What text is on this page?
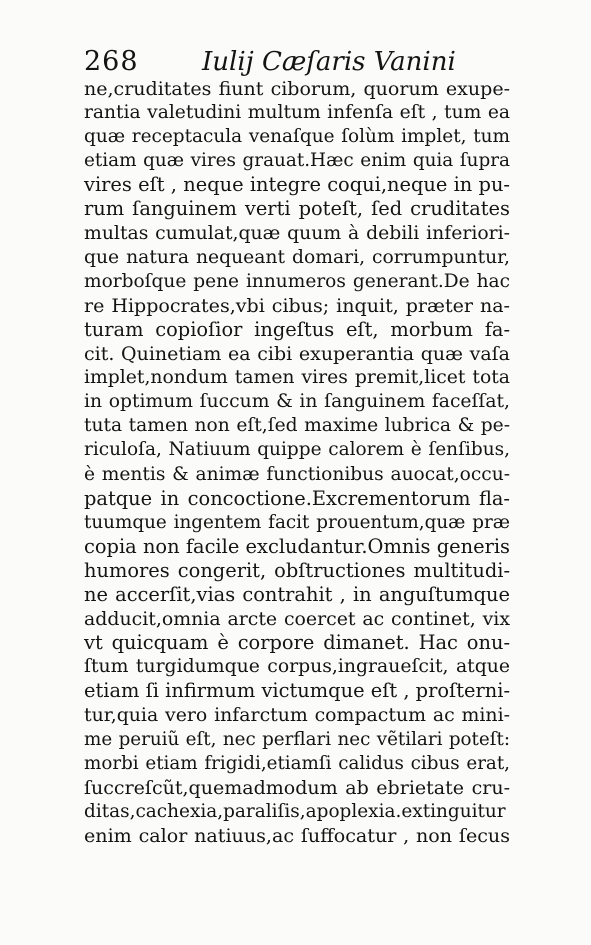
268 Iulij Cæſaris Vanini
ne,cruditates fiunt ciborum, quorum exupe-
rantia valetudini multum infenſa eſt , tum ea
quæ receptacula venaſque ſolùm implet, tum
etiam quæ vires grauat.Hæc enim quia ſupra
vires eſt , neque integre coqui,neque in pu-
rum ſanguinem verti poteſt, ſed cruditates
multas cumulat,quæ quum à debili inferiori-
que natura nequeant domari, corrumpuntur,
morboſque pene innumeros generant.De hac
re Hippocrates,vbi cibus; inquit, præter na-
turam copioſior ingeſtus eſt, morbum fa-
cit. Quinetiam ea cibi exuperantia quæ vaſa
implet,nondum tamen vires premit,licet tota
in optimum ſuccum & in ſanguinem faceſſat,
tuta tamen non eſt,ſed maxime lubrica & pe-
riculoſa, Natiuum quippe calorem è ſenſibus,
è mentis & animæ functionibus auocat,occu-
patque in concoctione.Excrementorum fla-
tuumque ingentem facit prouentum,quæ præ
copia non facile excludantur.Omnis generis
humores congerit, obſtructiones multitudi-
ne accerſit,vias contrahit , in anguſtumque
adducit,omnia arcte coercet ac continet, vix
vt quicquam è corpore dimanet. Hac onu-
ſtum turgidumque corpus,ingraueſcit, atque
etiam ſi infirmum victumque eſt , proſterni-
tur,quia vero infarctum compactum ac mini-
me peruiũ eſt, nec perflari nec vẽtilari poteſt:
morbi etiam frigidi,etiamſi calidus cibus erat,
ſuccreſcũt,quemadmodum ab ebrietate cru-
ditas,cachexia,paraliſis,apoplexia.extinguitur
enim calor natiuus,ac ſuffocatur , non ſecus
